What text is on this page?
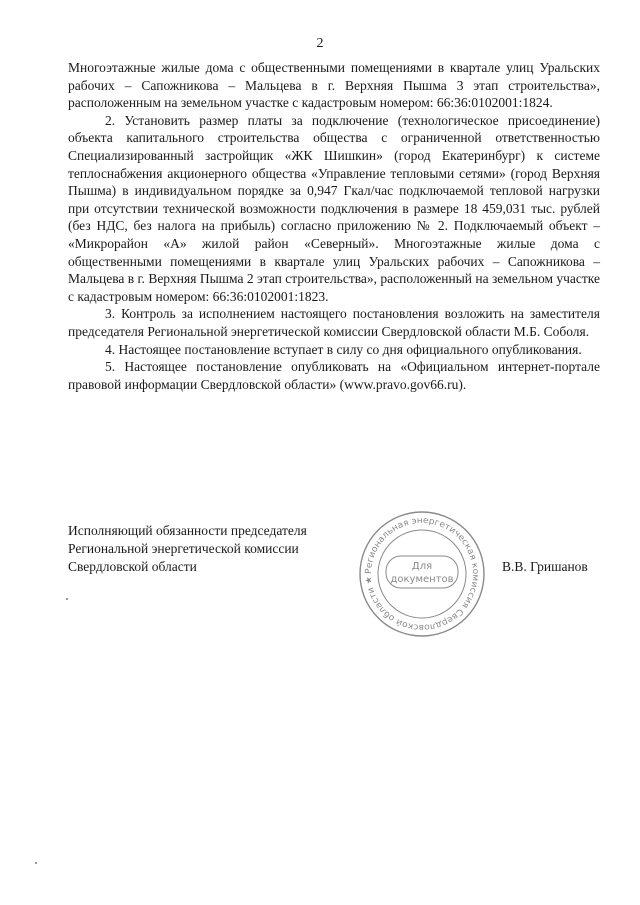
2

Многоэтажные жилые дома с общественными помещениями в квартале улиц Уральских рабочих – Сапожникова – Мальцева в г. Верхняя Пышма 3 этап строительства», расположенным на земельном участке с кадастровым номером: 66:36:0102001:1824.

2. Установить размер платы за подключение (технологическое присоединение) объекта капитального строительства общества с ограниченной ответственностью Специализированный застройщик «ЖК Шишкин» (город Екатеринбург) к системе теплоснабжения акционерного общества «Управление тепловыми сетями» (город Верхняя Пышма) в индивидуальном порядке за 0,947 Гкал/час подключаемой тепловой нагрузки при отсутствии технической возможности подключения в размере 18 459,031 тыс. рублей (без НДС, без налога на прибыль) согласно приложению № 2. Подключаемый объект – «Микрорайон «А» жилой район «Северный». Многоэтажные жилые дома с общественными помещениями в квартале улиц Уральских рабочих – Сапожникова – Мальцева в г. Верхняя Пышма 2 этап строительства», расположенный на земельном участке с кадастровым номером: 66:36:0102001:1823.

3. Контроль за исполнением настоящего постановления возложить на заместителя председателя Региональной энергетической комиссии Свердловской области М.Б. Соболя.

4. Настоящее постановление вступает в силу со дня официального опубликования.

5. Настоящее постановление опубликовать на «Официальном интернет-портале правовой информации Свердловской области» (www.pravo.gov66.ru).

Исполняющий обязанности председателя
Региональной энергетической комиссии
Свердловской области	В.В. Гришанов
Региональная энергетическая комиссия Свердловской области ★
Для
документов
